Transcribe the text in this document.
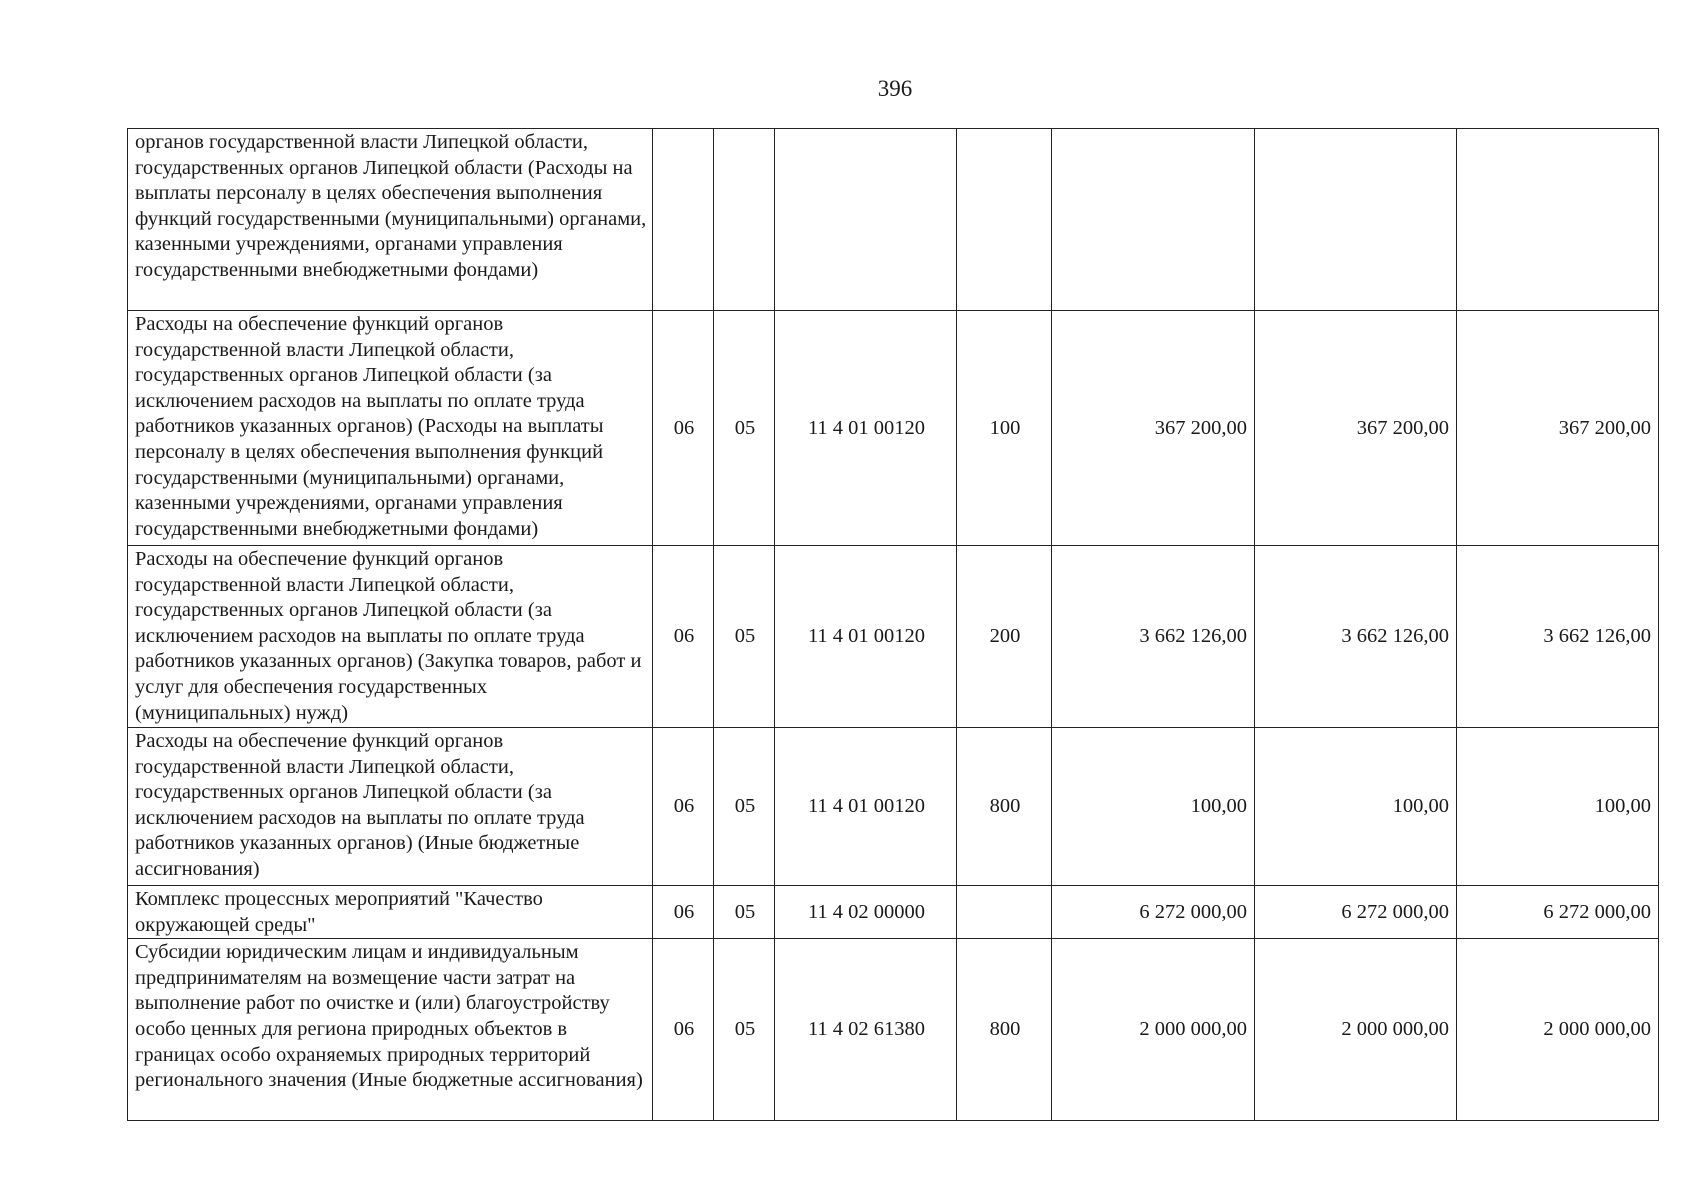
396
органов государственной власти Липецкой области, государственных органов Липецкой области (Расходы на выплаты персоналу в целях обеспечения выполнения функций государственными (муниципальными) органами, казенными учреждениями, органами управления государственными внебюджетными фондами)							
Расходы на обеспечение функций органов государственной власти Липецкой области, государственных органов Липецкой области (за исключением расходов на выплаты по оплате труда работников указанных органов) (Расходы на выплаты персоналу в целях обеспечения выполнения функций государственными (муниципальными) органами, казенными учреждениями, органами управления государственными внебюджетными фондами)	06	05	11 4 01 00120	100	367 200,00	367 200,00	367 200,00
Расходы на обеспечение функций органов государственной власти Липецкой области, государственных органов Липецкой области (за исключением расходов на выплаты по оплате труда работников указанных органов) (Закупка товаров, работ и услуг для обеспечения государственных (муниципальных) нужд)	06	05	11 4 01 00120	200	3 662 126,00	3 662 126,00	3 662 126,00
Расходы на обеспечение функций органов государственной власти Липецкой области, государственных органов Липецкой области (за исключением расходов на выплаты по оплате труда работников указанных органов) (Иные бюджетные ассигнования)	06	05	11 4 01 00120	800	100,00	100,00	100,00
Комплекс процессных мероприятий "Качество окружающей среды"	06	05	11 4 02 00000		6 272 000,00	6 272 000,00	6 272 000,00
Субсидии юридическим лицам и индивидуальным предпринимателям на возмещение части затрат на выполнение работ по очистке и (или) благоустройству особо ценных для региона природных объектов в границах особо охраняемых природных территорий регионального значения (Иные бюджетные ассигнования)	06	05	11 4 02 61380	800	2 000 000,00	2 000 000,00	2 000 000,00
